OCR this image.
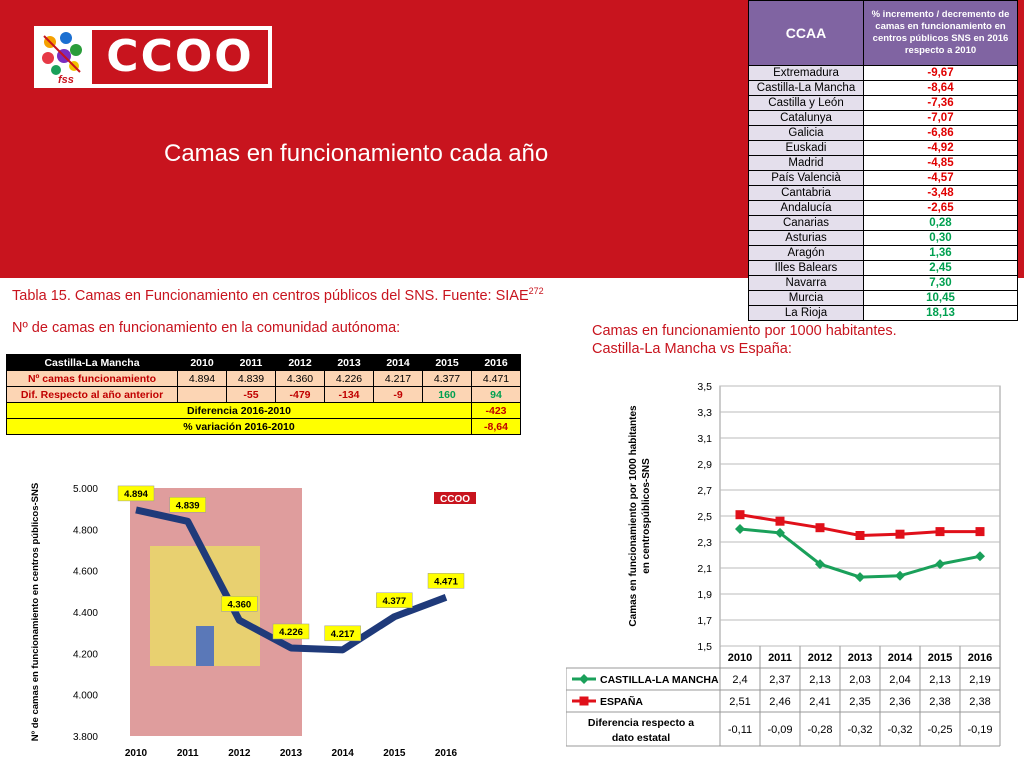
fss CCOO
Camas en funcionamiento cada año
CCAA	% incremento / decremento de camas en funcionamiento en centros públicos SNS en 2016 respecto a 2010
Extremadura	-9,67
Castilla-La Mancha	-8,64
Castilla y León	-7,36
Catalunya	-7,07
Galicia	-6,86
Euskadi	-4,92
Madrid	-4,85
País Valencià	-4,57
Cantabria	-3,48
Andalucía	-2,65
Canarias	0,28
Asturias	0,30
Aragón	1,36
Illes Balears	2,45
Navarra	7,30
Murcia	10,45
La Rioja	18,13
Tabla 15. Camas en Funcionamiento en centros públicos del SNS. Fuente: SIAE$^{272}$
Nº de camas en funcionamiento en la comunidad autónoma:
Castilla-La Mancha	2010	2011	2012	2013	2014	2015	2016
Nº camas funcionamiento	4.894	4.839	4.360	4.226	4.217	4.377	4.471
Dif. Respecto al año anterior		-55	-479	-134	-9	160	94
Diferencia 2016-2010							-423
% variación 2016-2010							-8,64
Camas en funcionamiento por 1000 habitantes.
Castilla-La Mancha vs España:
5.000
4.800
4.600
4.400
4.200
4.000
3.800
2010	2011	2012	2013	2014	2015	2016
Nº de camas en funcionamiento en centros públicos-SNS	4.894
4.839
4.360
4.226	4.217
4.377
4.471
CCOO
3,5
3,3
3,1
2,9
2,7
2,5
2,3
2,1
1,9
1,7
1,5
Camas en funcionamiento por 1000 habitantes en centrospúblicos-SNS
2010 2011 2012 2013 2014 2015 2016
CASTILLA-LA MANCHA 2,4 2,37 2,13 2,03 2,04 2,13 2,19
ESPAÑA	2,51 2,46 2,41 2,35 2,36 2,38 2,38
Diferencia respecto a dato estatal
-0,11 -0,09 -0,28 -0,32 -0,32 -0,25 -0,19
